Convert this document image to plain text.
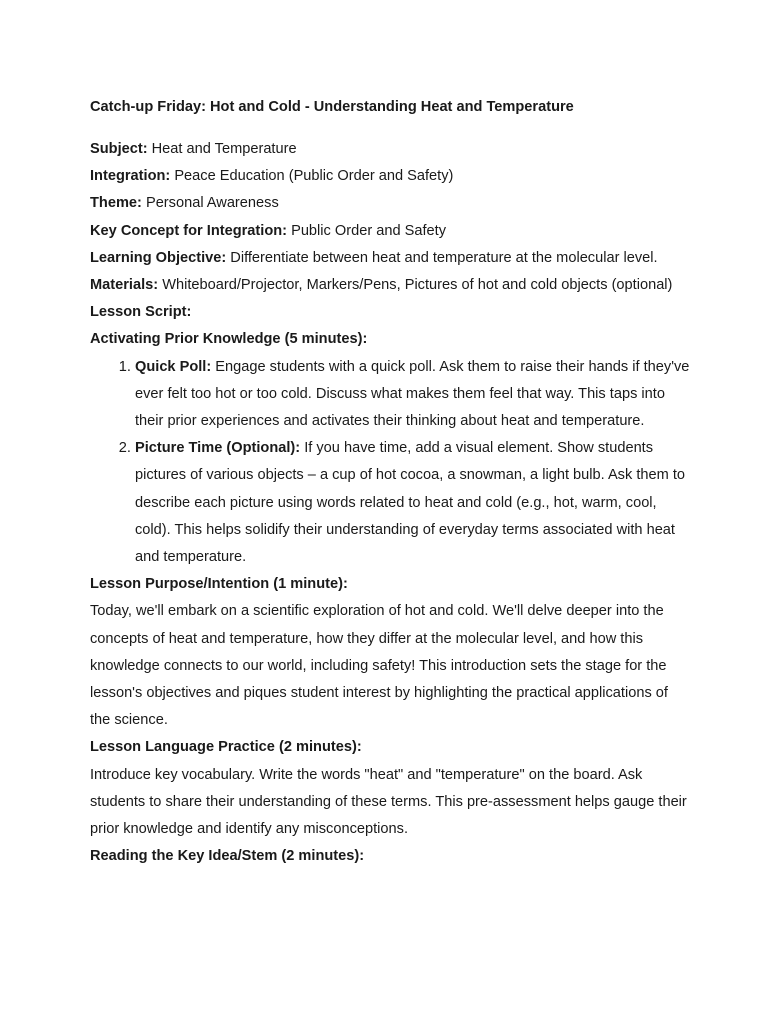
Catch-up Friday: Hot and Cold - Understanding Heat and Temperature
Subject: Heat and Temperature
Integration: Peace Education (Public Order and Safety)
Theme: Personal Awareness
Key Concept for Integration: Public Order and Safety
Learning Objective: Differentiate between heat and temperature at the molecular level.
Materials: Whiteboard/Projector, Markers/Pens, Pictures of hot and cold objects (optional)
Lesson Script:
Activating Prior Knowledge (5 minutes):
1. Quick Poll: Engage students with a quick poll. Ask them to raise their hands if they've ever felt too hot or too cold. Discuss what makes them feel that way. This taps into their prior experiences and activates their thinking about heat and temperature.
2. Picture Time (Optional): If you have time, add a visual element. Show students pictures of various objects – a cup of hot cocoa, a snowman, a light bulb. Ask them to describe each picture using words related to heat and cold (e.g., hot, warm, cool, cold). This helps solidify their understanding of everyday terms associated with heat and temperature.
Lesson Purpose/Intention (1 minute):

Today, we'll embark on a scientific exploration of hot and cold. We'll delve deeper into the concepts of heat and temperature, how they differ at the molecular level, and how this knowledge connects to our world, including safety! This introduction sets the stage for the lesson's objectives and piques student interest by highlighting the practical applications of the science.

Lesson Language Practice (2 minutes):

Introduce key vocabulary. Write the words "heat" and "temperature" on the board. Ask students to share their understanding of these terms. This pre-assessment helps gauge their prior knowledge and identify any misconceptions.

Reading the Key Idea/Stem (2 minutes):
